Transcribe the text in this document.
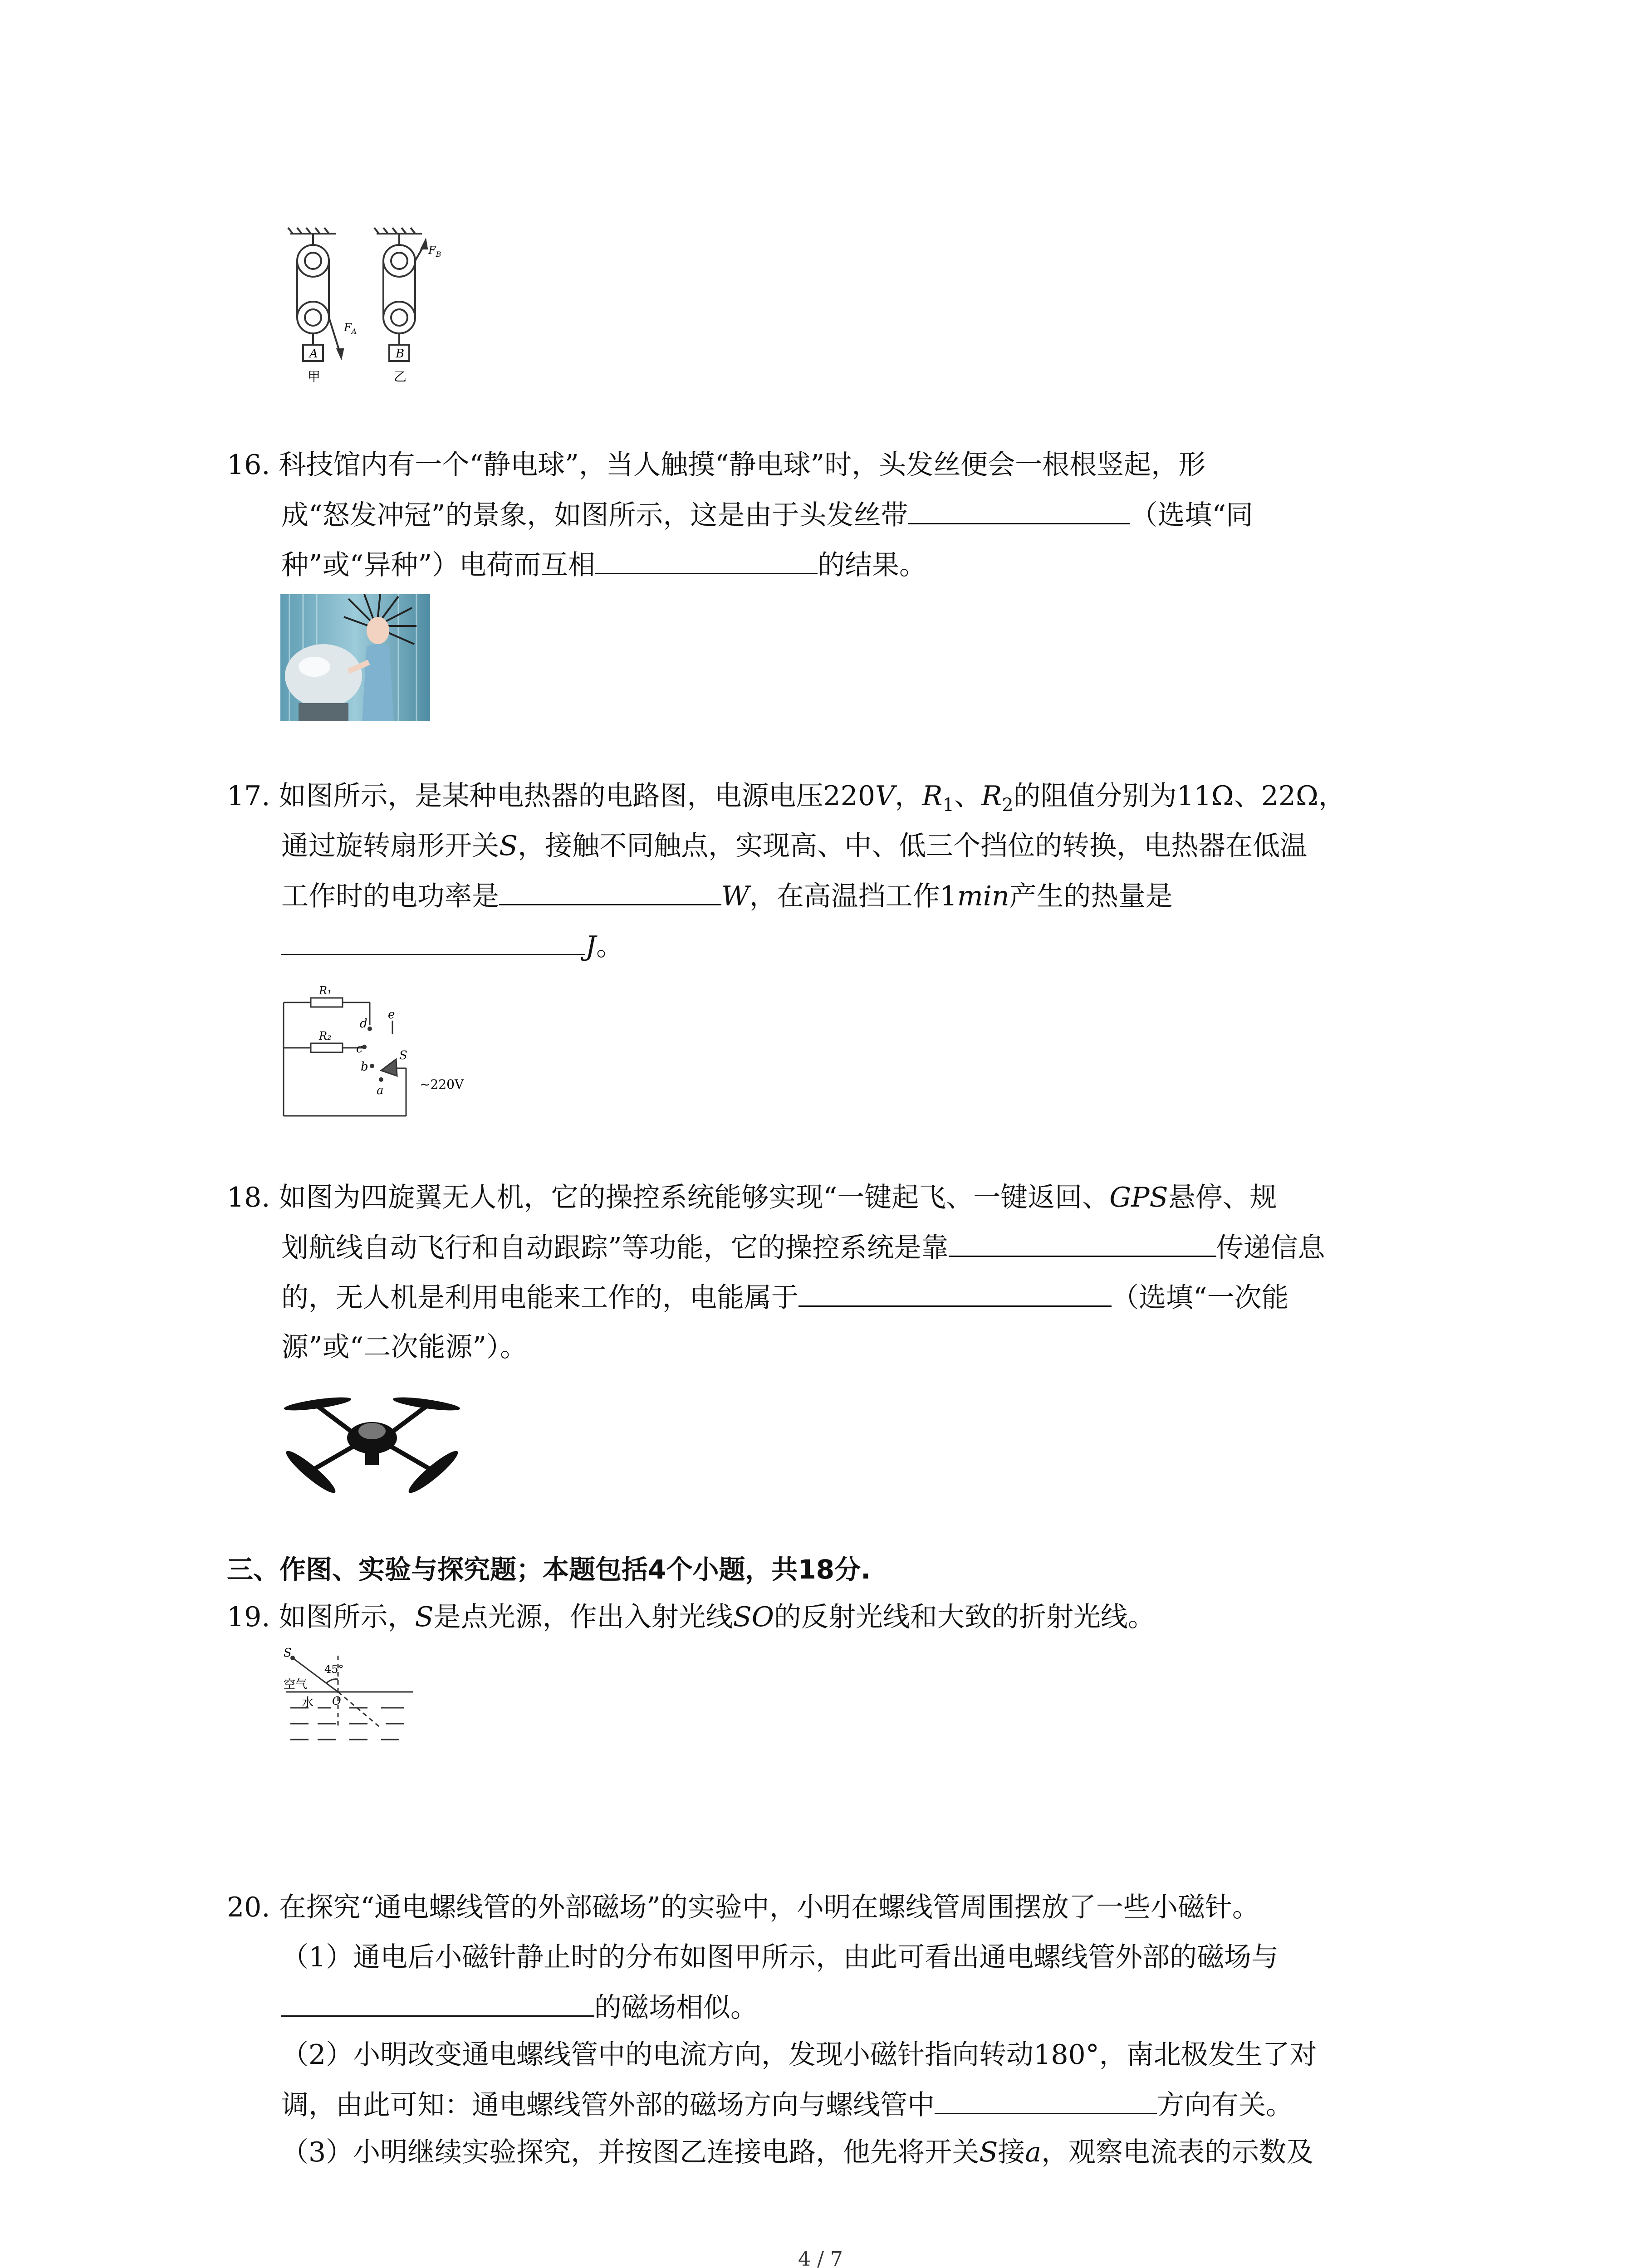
A	B
甲	乙
$F_A$
$F_B$
16. 科技馆内有一个“静电球”，当人触摸“静电球”时，头发丝便会一根根竖起，形
成“怒发冲冠”的景象，如图所示，这是由于头发丝带	（选填“同
种”或“异种”）电荷而互相	的结果。
17. 如图所示，是某种电热器的电路图，电源电压220V，$R_1$、$R_2$的阻值分别为11Ω、22Ω，
通过旋转扇形开关S，接触不同触点，实现高、中、低三个挡位的转换，电热器在低温
工作时的电功率是	W，在高温挡工作1min产生的热量是
J。
R₁
R₂
d
e
c
b
a
S
~220V
18. 如图为四旋翼无人机，它的操控系统能够实现“一键起飞、一键返回、GPS悬停、规
划航线自动飞行和自动跟踪”等功能，它的操控系统是靠	传递信息
的，无人机是利用电能来工作的，电能属于	（选填“一次能
源”或“二次能源”）。
三、作图、实验与探究题；本题包括4个小题，共18分.
19. 如图所示，S是点光源，作出入射光线SO的反射光线和大致的折射光线。
S
45°
空气
水 O
20. 在探究“通电螺线管的外部磁场”的实验中，小明在螺线管周围摆放了一些小磁针。
（1）通电后小磁针静止时的分布如图甲所示，由此可看出通电螺线管外部的磁场与
的磁场相似。
（2）小明改变通电螺线管中的电流方向，发现小磁针指向转动180°，南北极发生了对
调，由此可知：通电螺线管外部的磁场方向与螺线管中	方向有关。
（3）小明继续实验探究，并按图乙连接电路，他先将开关S接a，观察电流表的示数及
4 / 7
